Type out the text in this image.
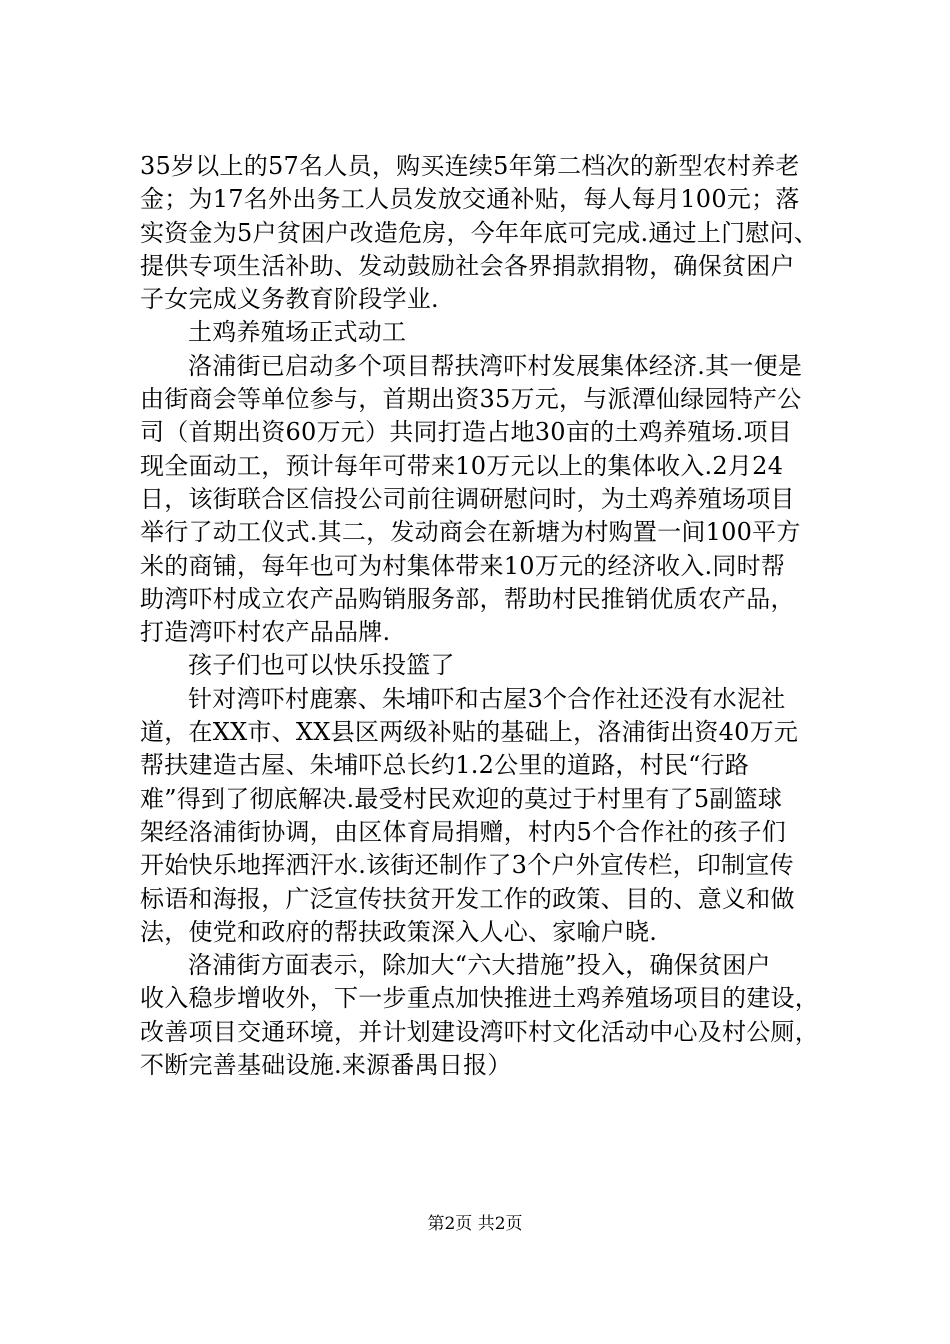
35岁以上的57名人员，购买连续5年第二档次的新型农村养老
金；为17名外出务工人员发放交通补贴，每人每月100元；落
实资金为5户贫困户改造危房，今年年底可完成.通过上门慰问、
提供专项生活补助、发动鼓励社会各界捐款捐物，确保贫困户
子女完成义务教育阶段学业.
土鸡养殖场正式动工
洛浦街已启动多个项目帮扶湾吓村发展集体经济.其一便是
由街商会等单位参与，首期出资35万元，与派潭仙绿园特产公
司（首期出资60万元）共同打造占地30亩的土鸡养殖场.项目
现全面动工，预计每年可带来10万元以上的集体收入.2月24
日，该街联合区信投公司前往调研慰问时，为土鸡养殖场项目
举行了动工仪式.其二，发动商会在新塘为村购置一间100平方
米的商铺，每年也可为村集体带来10万元的经济收入.同时帮
助湾吓村成立农产品购销服务部，帮助村民推销优质农产品，
打造湾吓村农产品品牌.
孩子们也可以快乐投篮了
针对湾吓村鹿寨、朱埔吓和古屋3个合作社还没有水泥社
道，在XX市、XX县区两级补贴的基础上，洛浦街出资40万元
帮扶建造古屋、朱埔吓总长约1.2公里的道路，村民“行路
难”得到了彻底解决.最受村民欢迎的莫过于村里有了5副篮球
架经洛浦街协调，由区体育局捐赠，村内5个合作社的孩子们
开始快乐地挥洒汗水.该街还制作了3个户外宣传栏，印制宣传
标语和海报，广泛宣传扶贫开发工作的政策、目的、意义和做
法，使党和政府的帮扶政策深入人心、家喻户晓.
洛浦街方面表示，除加大“六大措施”投入，确保贫困户
收入稳步增收外，下一步重点加快推进土鸡养殖场项目的建设，
改善项目交通环境，并计划建设湾吓村文化活动中心及村公厕，
不断完善基础设施.来源番禺日报）
第2页 共2页
